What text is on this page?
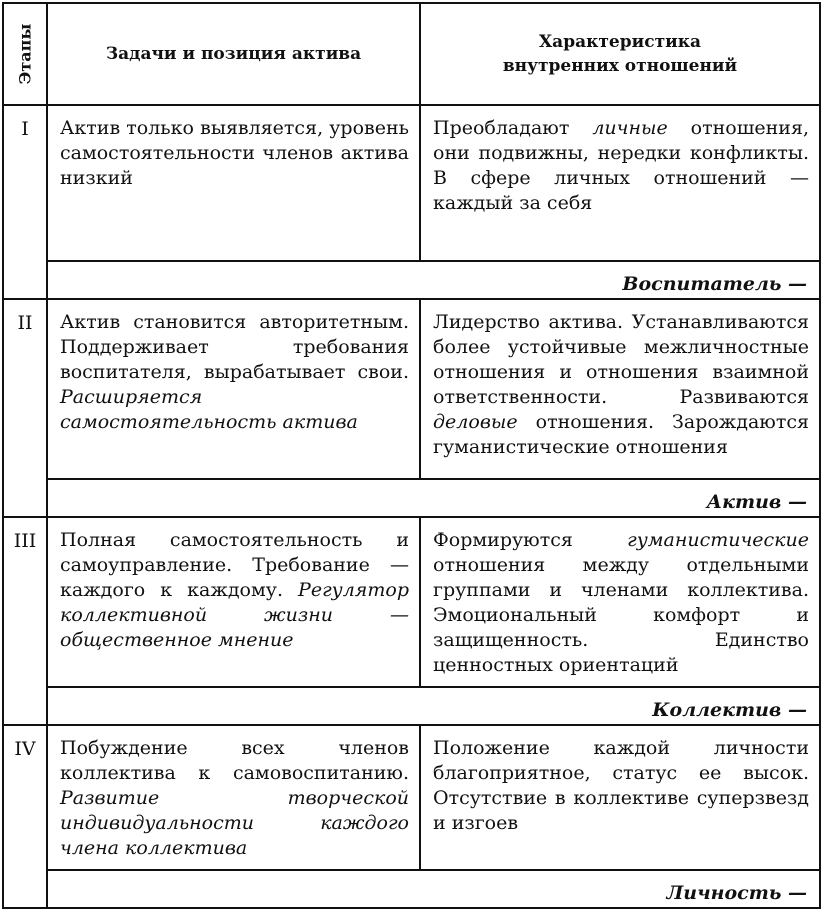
Этапы	Задачи и позиция актива	Характеристика
внутренних отношений
I	Актив только выявляется, уровень самостоятельности членов актива низкий	Преобладают личные отношения, они подвижны, нередки конфликты. В сфере личных отношений — каждый за себя
	Воспитатель —	
II	Актив становится авторитетным. Поддерживает требования воспитателя, вырабатывает свои. Расширяется самостоятельность актива	Лидерство актива. Устанавливаются более устойчивые межличностные отношения и отношения взаимной ответственности. Развиваются деловые отношения. Зарождаются гуманистические отношения
	Актив —	
III	Полная самостоятельность и самоуправление. Требование — каждого к каждому. Регулятор коллективной жизни — общественное мнение	Формируются гуманистические отношения между отдельными группами и членами коллектива. Эмоциональный комфорт и защищенность. Единство ценностных ориентаций
	Коллектив —	
IV	Побуждение всех членов коллектива к самовоспитанию. Развитие творческой индивидуальности каждого члена коллектива	Положение каждой личности благоприятное, статус ее высок. Отсутствие в коллективе суперзвезд и изгоев
	Личность —	
